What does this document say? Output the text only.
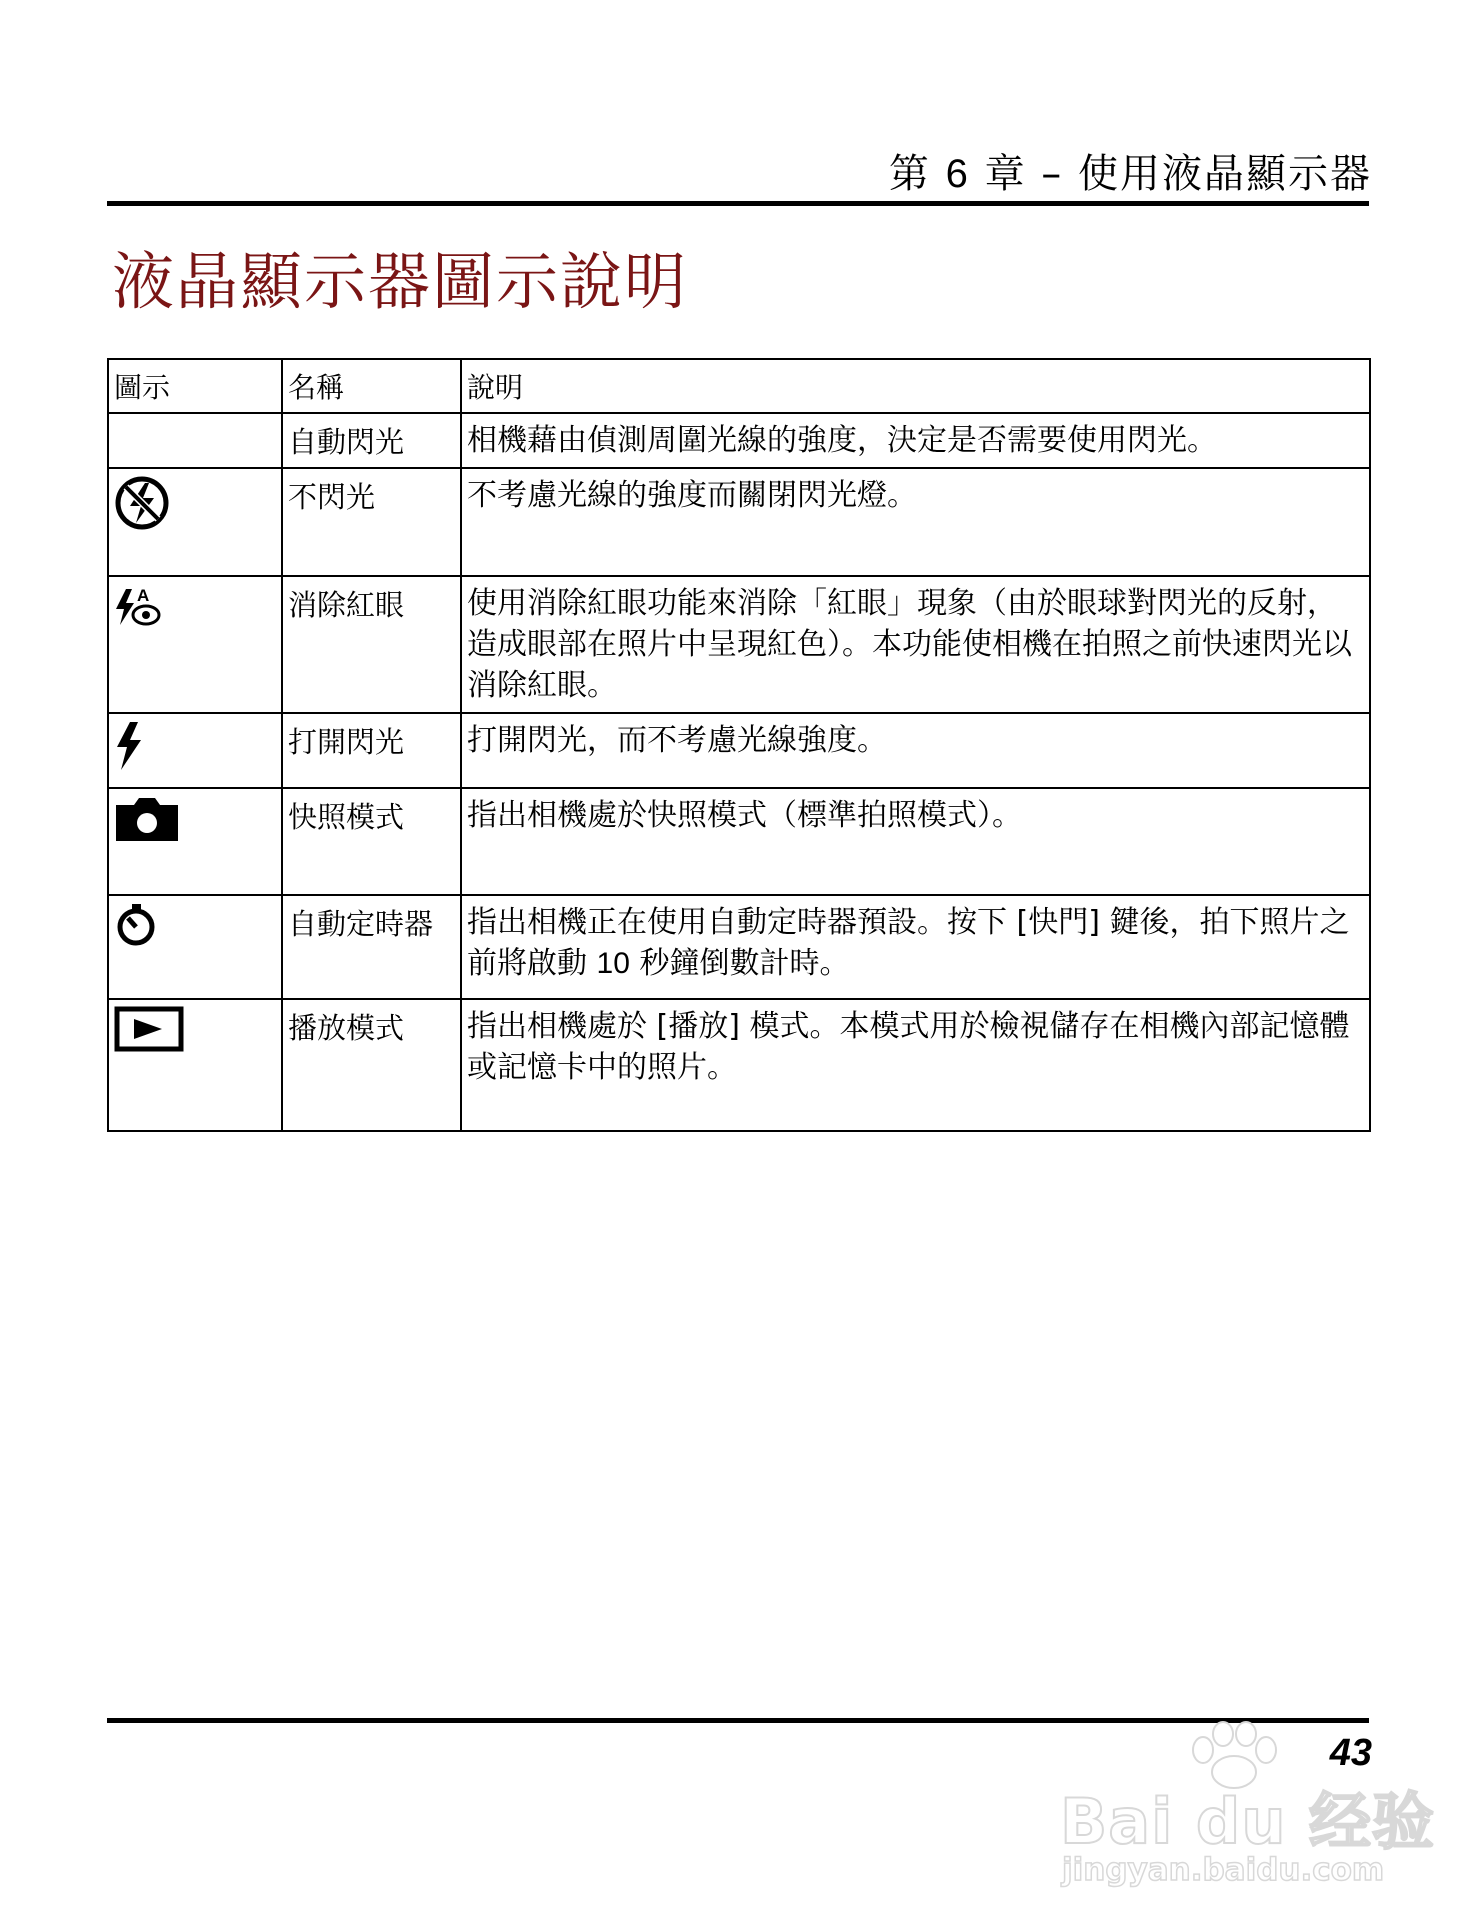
第 6 章 – 使用液晶顯示器
液晶顯示器圖示說明
圖示	名稱	說明
	自動閃光	相機藉由偵測周圍光線的強度，決定是否需要使用閃光。
	不閃光	不考慮光線的強度而關閉閃光燈。

A	消除紅眼	使用消除紅眼功能來消除「紅眼」現象（由於眼球對閃光的反射，造成眼部在照片中呈現紅色）。本功能使相機在拍照之前快速閃光以消除紅眼。
	打開閃光	打開閃光，而不考慮光線強度。
	快照模式	指出相機處於快照模式（標準拍照模式）。
	自動定時器	指出相機正在使用自動定時器預設。按下 [快門] 鍵後，拍下照片之前將啟動 10 秒鐘倒數計時。
	播放模式	指出相機處於 [播放] 模式。本模式用於檢視儲存在相機內部記憶體或記憶卡中的照片。
43
Bai du 经验
jingyan.baidu.com
